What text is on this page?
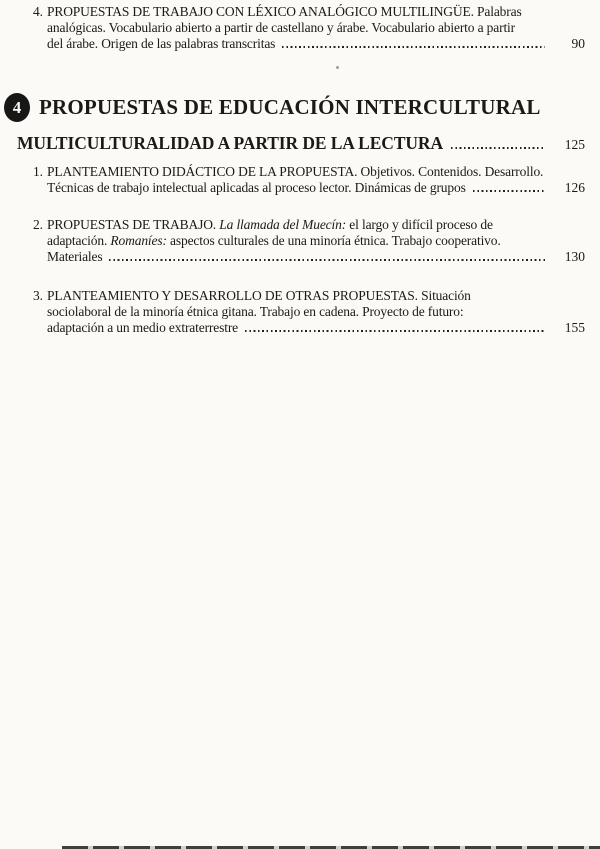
4. PROPUESTAS DE TRABAJO CON LÉXICO ANALÓGICO MULTILINGÜE. Palabras
analógicas. Vocabulario abierto a partir de castellano y árabe. Vocabulario abierto a partir
del árabe. Origen de las palabras transcritas	90
4 PROPUESTAS DE EDUCACIÓN INTERCULTURAL
MULTICULTURALIDAD A PARTIR DE LA LECTURA	125
1. PLANTEAMIENTO DIDÁCTICO DE LA PROPUESTA. Objetivos. Contenidos. Desarrollo.
Técnicas de trabajo intelectual aplicadas al proceso lector. Dinámicas de grupos	126
2. PROPUESTAS DE TRABAJO. La llamada del Muecín: el largo y difícil proceso de
adaptación. Romaníes: aspectos culturales de una minoría étnica. Trabajo cooperativo.
Materiales	130
3. PLANTEAMIENTO Y DESARROLLO DE OTRAS PROPUESTAS. Situación
sociolaboral de la minoría étnica gitana. Trabajo en cadena. Proyecto de futuro:
adaptación a un medio extraterrestre	155
